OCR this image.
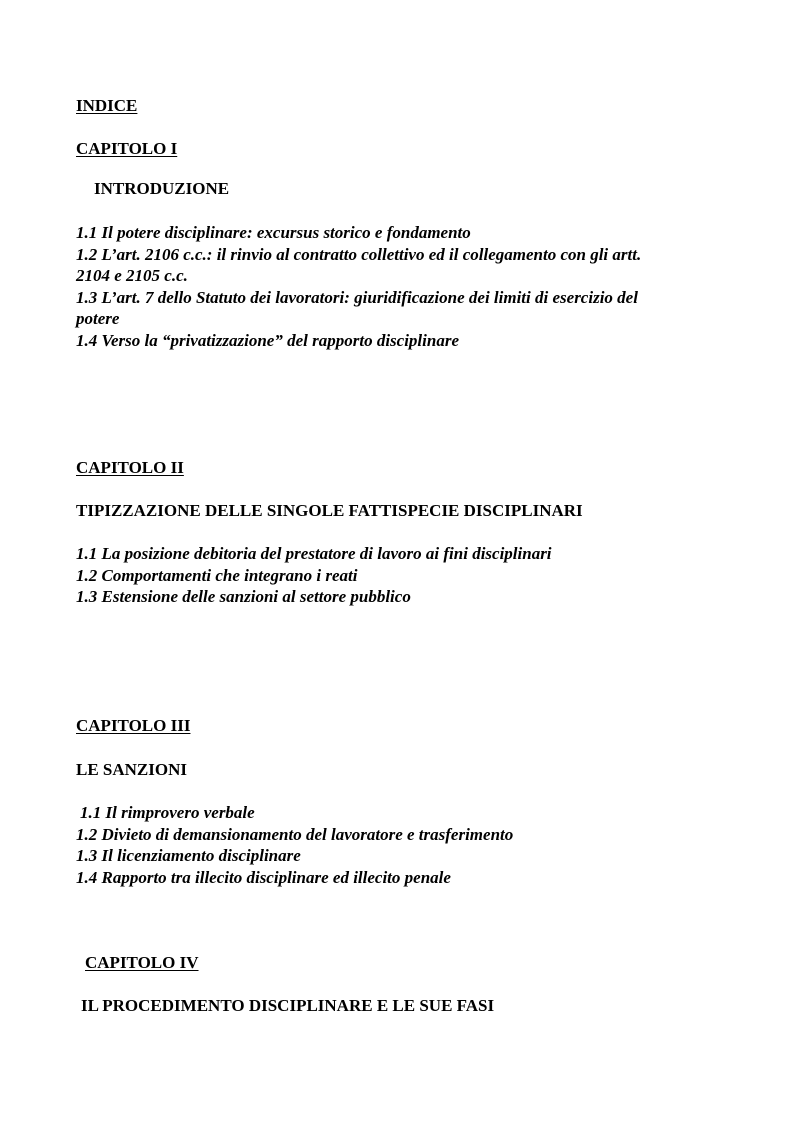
INDICE

CAPITOLO I

INTRODUZIONE

1.1 Il potere disciplinare: excursus storico e fondamento

1.2 L’art. 2106 c.c.: il rinvio al contratto collettivo ed il collegamento con gli artt. 2104 e 2105 c.c.

1.3 L’art. 7 dello Statuto dei lavoratori: giuridificazione dei limiti di esercizio del potere

1.4 Verso la “privatizzazione” del rapporto disciplinare

CAPITOLO II

TIPIZZAZIONE DELLE SINGOLE FATTISPECIE DISCIPLINARI

1.1 La posizione debitoria del prestatore di lavoro ai fini disciplinari

1.2 Comportamenti che integrano i reati

1.3 Estensione delle sanzioni al settore pubblico

CAPITOLO III

LE SANZIONI

1.1 Il rimprovero verbale

1.2 Divieto di demansionamento del lavoratore e trasferimento

1.3 Il licenziamento disciplinare

1.4 Rapporto tra illecito disciplinare ed illecito penale

CAPITOLO IV

IL PROCEDIMENTO DISCIPLINARE E LE SUE FASI
